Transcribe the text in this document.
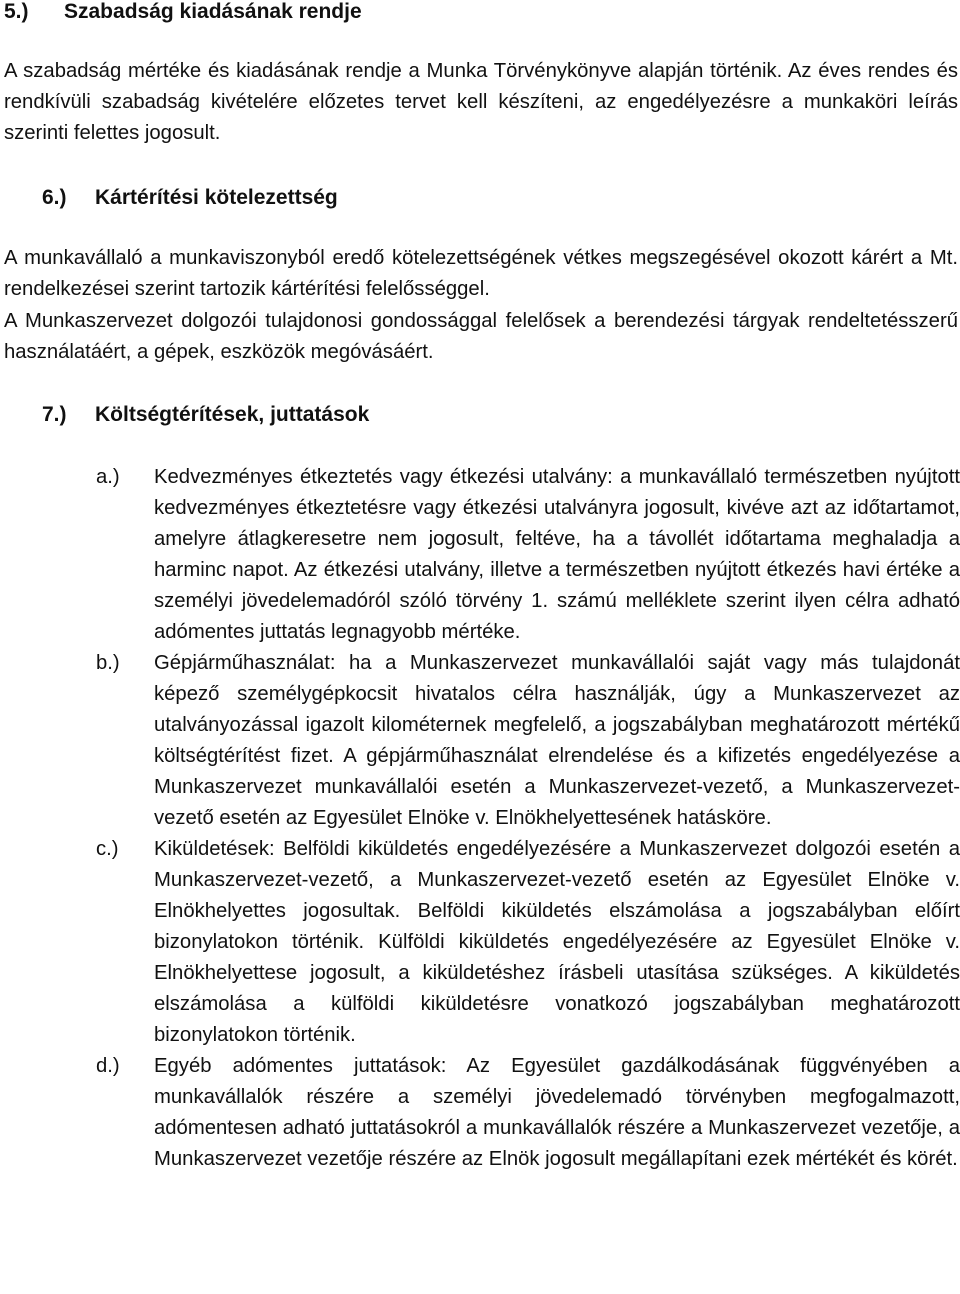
5.) Szabadság kiadásának rendje

A szabadság mértéke és kiadásának rendje a Munka Törvénykönyve alapján történik. Az éves rendes és rendkívüli szabadság kivételére előzetes tervet kell készíteni, az engedélyezésre a munkaköri leírás szerinti felettes jogosult.

6.) Kártérítési kötelezettség

A munkavállaló a munkaviszonyból eredő kötelezettségének vétkes megszegésével okozott kárért a Mt. rendelkezései szerint tartozik kártérítési felelősséggel.

A Munkaszervezet dolgozói tulajdonosi gondossággal felelősek a berendezési tárgyak rendeltetésszerű használatáért, a gépek, eszközök megóvásáért.

7.) Költségtérítések, juttatások
a.)	Kedvezményes étkeztetés vagy étkezési utalvány: a munkavállaló természetben nyújtott kedvezményes étkeztetésre vagy étkezési utalványra jogosult, kivéve azt az időtartamot, amelyre átlagkeresetre nem jogosult, feltéve, ha a távollét időtartama meghaladja a harminc napot. Az étkezési utalvány, illetve a természetben nyújtott étkezés havi értéke a személyi jövedelemadóról szóló törvény 1. számú melléklete szerint ilyen célra adható adómentes juttatás legnagyobb mértéke.
b.)	Gépjárműhasználat: ha a Munkaszervezet munkavállalói saját vagy más tulajdonát képező személygépkocsit hivatalos célra használják, úgy a Munkaszervezet az utalványozással igazolt kilométernek megfelelő, a jogszabályban meghatározott mértékű költségtérítést fizet. A gépjárműhasználat elrendelése és a kifizetés engedélyezése a Munkaszervezet munkavállalói esetén a Munkaszervezet-vezető, a Munkaszervezet-vezető esetén az Egyesület Elnöke v. Elnökhelyettesének hatásköre.
c.)	Kiküldetések: Belföldi kiküldetés engedélyezésére a Munkaszervezet dolgozói esetén a Munkaszervezet-vezető, a Munkaszervezet-vezető esetén az Egyesület Elnöke v. Elnökhelyettes jogosultak. Belföldi kiküldetés elszámolása a jogszabályban előírt bizonylatokon történik. Külföldi kiküldetés engedélyezésére az Egyesület Elnöke v. Elnökhelyettese jogosult, a kiküldetéshez írásbeli utasítása szükséges. A kiküldetés elszámolása a külföldi kiküldetésre vonatkozó jogszabályban meghatározott bizonylatokon történik.
d.)	Egyéb adómentes juttatások: Az Egyesület gazdálkodásának függvényében a munkavállalók részére a személyi jövedelemadó törvényben megfogalmazott, adómentesen adható juttatásokról a munkavállalók részére a Munkaszervezet vezetője, a Munkaszervezet vezetője részére az Elnök jogosult megállapítani ezek mértékét és körét.
